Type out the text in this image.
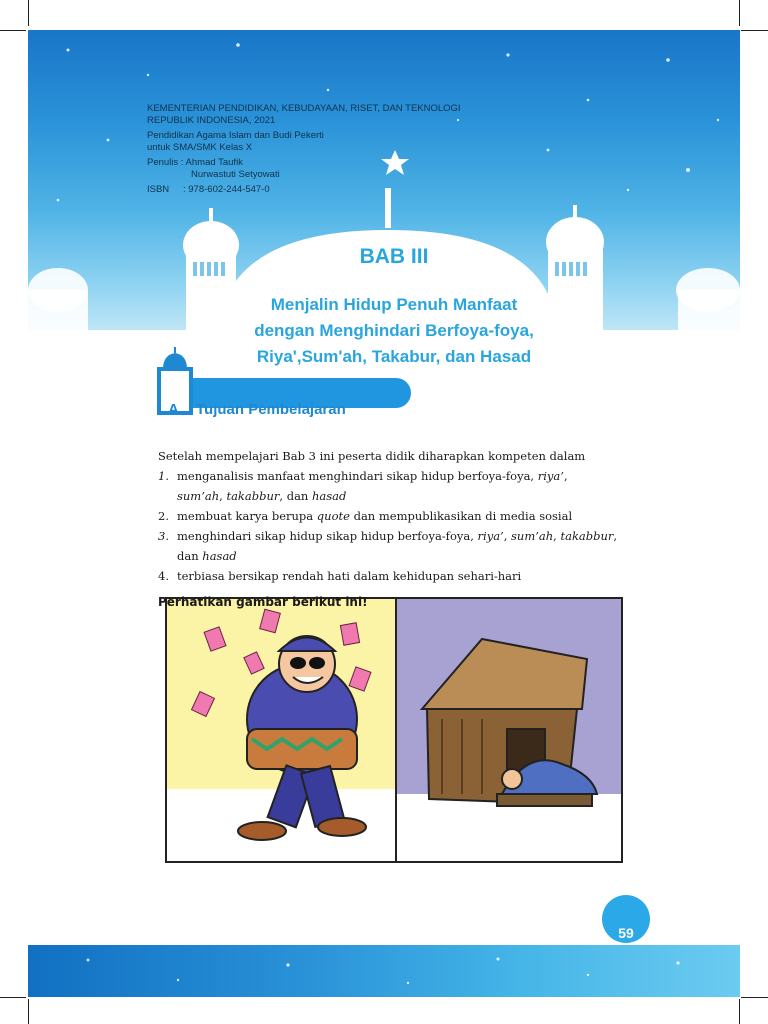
KEMENTERIAN PENDIDIKAN, KEBUDAYAAN, RISET, DAN TEKNOLOGI
REPUBLIK INDONESIA, 2021
Pendidikan Agama Islam dan Budi Pekerti
untuk SMA/SMK Kelas X
Penulis : Ahmad Taufik
Nurwastuti Setyowati
ISBN	: 978-602-244-547-0
BAB III
Menjalin Hidup Penuh Manfaat
dengan Menghindari Berfoya-foya,
Riya',Sum'ah, Takabur, dan Hasad
A. Tujuan Pembelajaran
Setelah mempelajari Bab 3 ini peserta didik diharapkan kompeten dalam
1. menganalisis manfaat menghindari sikap hidup berfoya-foya, riya’,
sum’ah, takabbur, dan hasad
2. membuat karya berupa quote dan mempublikasikan di media sosial
3. menghindari sikap hidup sikap hidup berfoya-foya, riya’, sum’ah, takabbur,
dan hasad
4. terbiasa bersikap rendah hati dalam kehidupan sehari-hari
Perhatikan gambar berikut ini!
59
